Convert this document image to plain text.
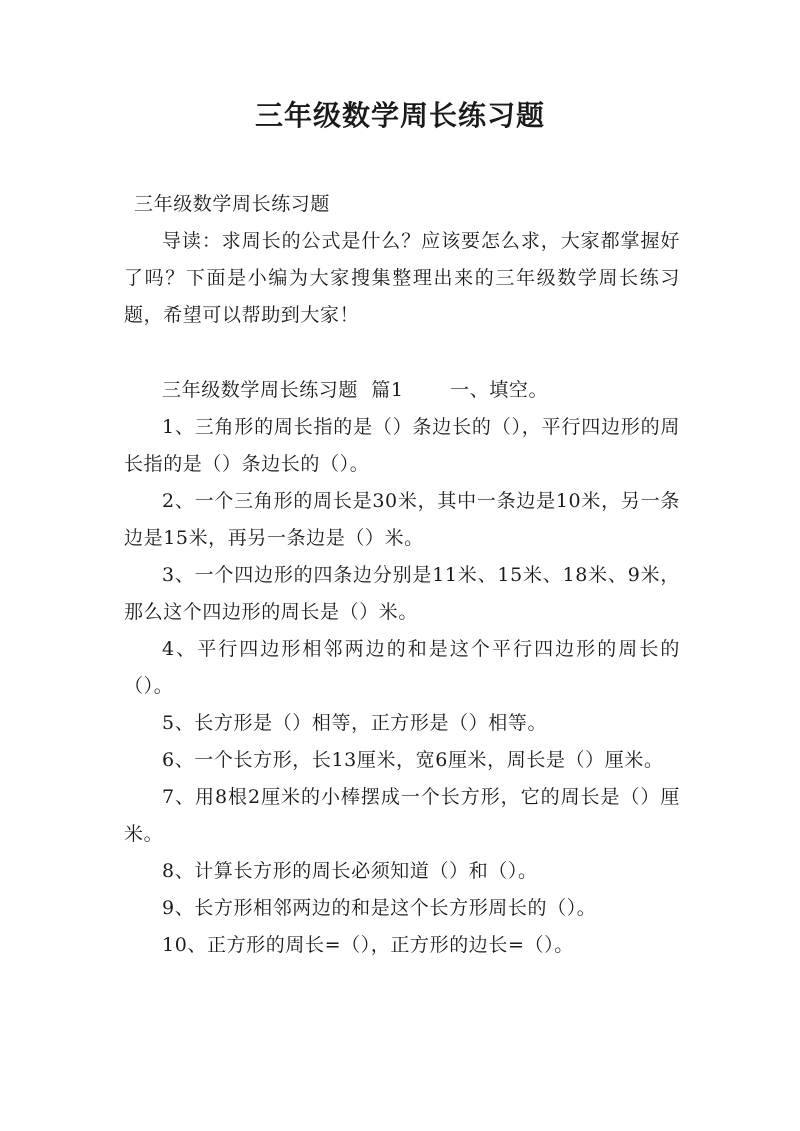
三年级数学周长练习题

三年级数学周长练习题

导读：求周长的公式是什么？应该要怎么求，大家都掌握好了吗？下面是小编为大家搜集整理出来的三年级数学周长练习题，希望可以帮助到大家！

三年级数学周长练习题  篇1 一、填空。

1、三角形的周长指的是（）条边长的（），平行四边形的周长指的是（）条边长的（）。

2、一个三角形的周长是30米，其中一条边是10米，另一条边是15米，再另一条边是（）米。

3、一个四边形的四条边分别是11米、15米、18米、9米，那么这个四边形的周长是（）米。

4、平行四边形相邻两边的和是这个平行四边形的周长的（）。

5、长方形是（）相等，正方形是（）相等。

6、一个长方形，长13厘米，宽6厘米，周长是（）厘米。

7、用8根2厘米的小棒摆成一个长方形，它的周长是（）厘米。

8、计算长方形的周长必须知道（）和（）。

9、长方形相邻两边的和是这个长方形周长的（）。

10、正方形的周长=（），正方形的边长=（）。
